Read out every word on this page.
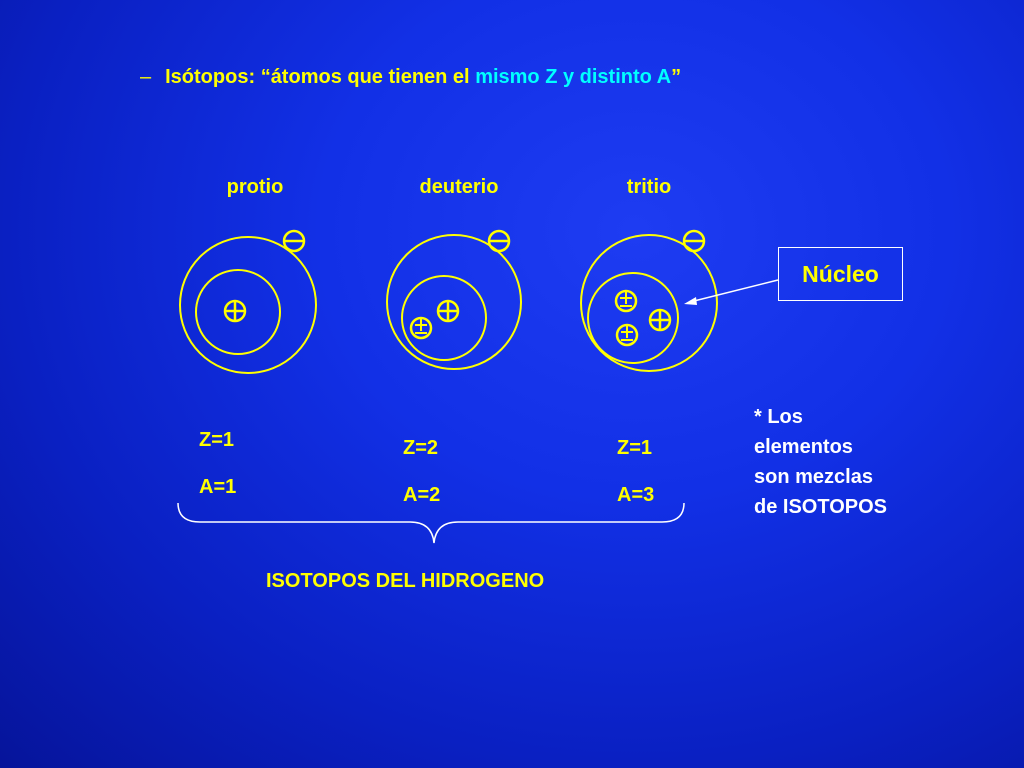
– Isótopos: “átomos que tienen el mismo Z y distinto A”
protio	deuterio	tritio
Z=1
A=1
Z=2
A=2
Z=1
A=3
Núcleo
* Los
elementos
son mezclas
de ISOTOPOS
ISOTOPOS DEL HIDROGENO
